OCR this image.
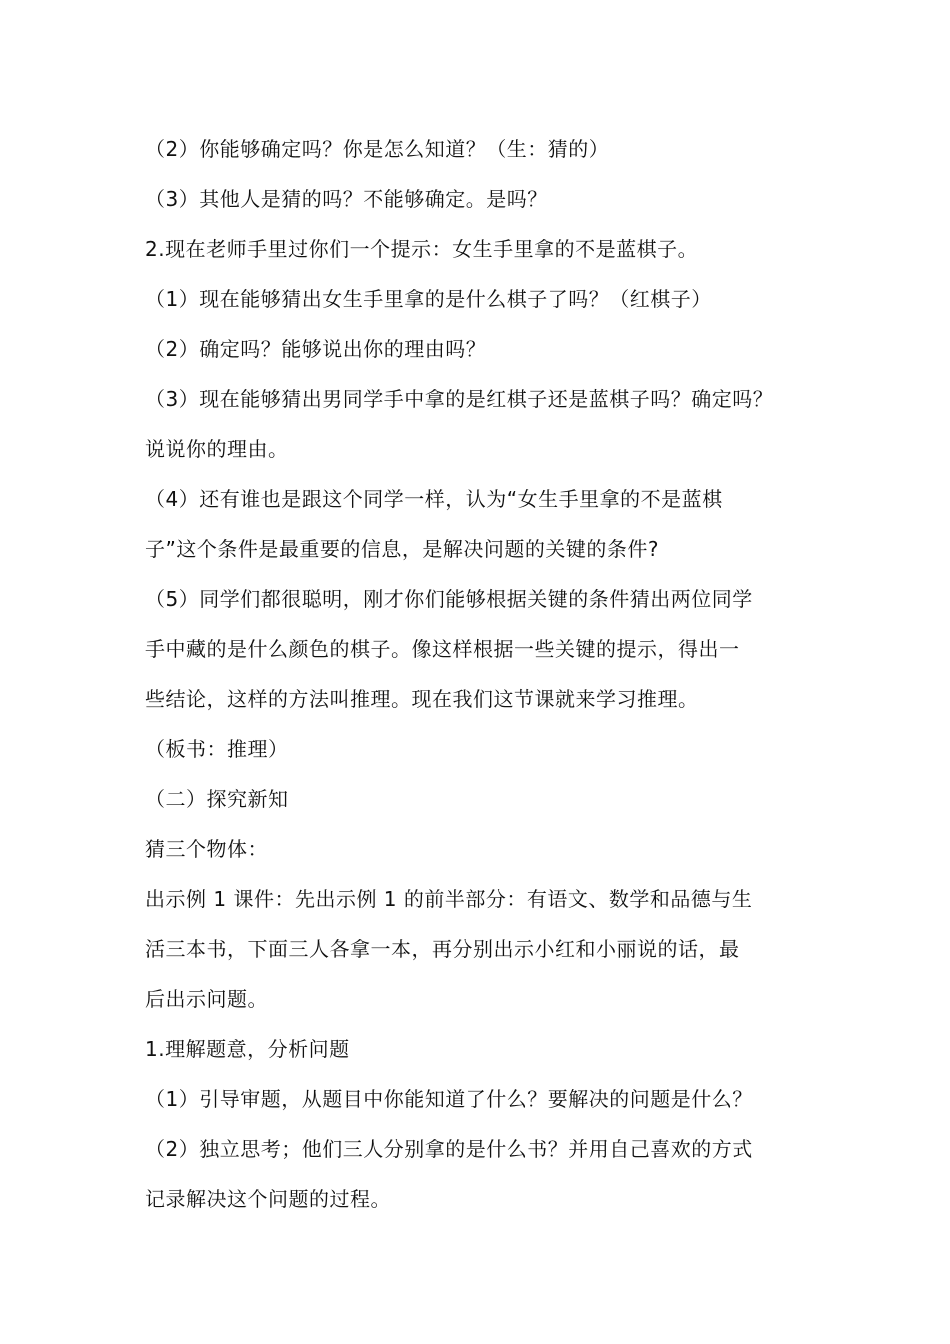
（2）你能够确定吗？你是怎么知道？（生：猜的）
（3）其他人是猜的吗？不能够确定。是吗？
2.现在老师手里过你们一个提示：女生手里拿的不是蓝棋子。
（1）现在能够猜出女生手里拿的是什么棋子了吗？（红棋子）
（2）确定吗？能够说出你的理由吗？
（3）现在能够猜出男同学手中拿的是红棋子还是蓝棋子吗？确定吗？
说说你的理由。
（4）还有谁也是跟这个同学一样，认为“女生手里拿的不是蓝棋
子”这个条件是最重要的信息，是解决问题的关键的条件?
（5）同学们都很聪明，刚才你们能够根据关键的条件猜出两位同学
手中藏的是什么颜色的棋子。像这样根据一些关键的提示，得出一
些结论，这样的方法叫推理。现在我们这节课就来学习推理。
（板书：推理）
（二）探究新知
猜三个物体：
出示例 1 课件：先出示例 1 的前半部分：有语文、数学和品德与生
活三本书，下面三人各拿一本，再分别出示小红和小丽说的话，最
后出示问题。
1.理解题意，分析问题
（1）引导审题，从题目中你能知道了什么？要解决的问题是什么？
（2）独立思考；他们三人分别拿的是什么书？并用自己喜欢的方式
记录解决这个问题的过程。
